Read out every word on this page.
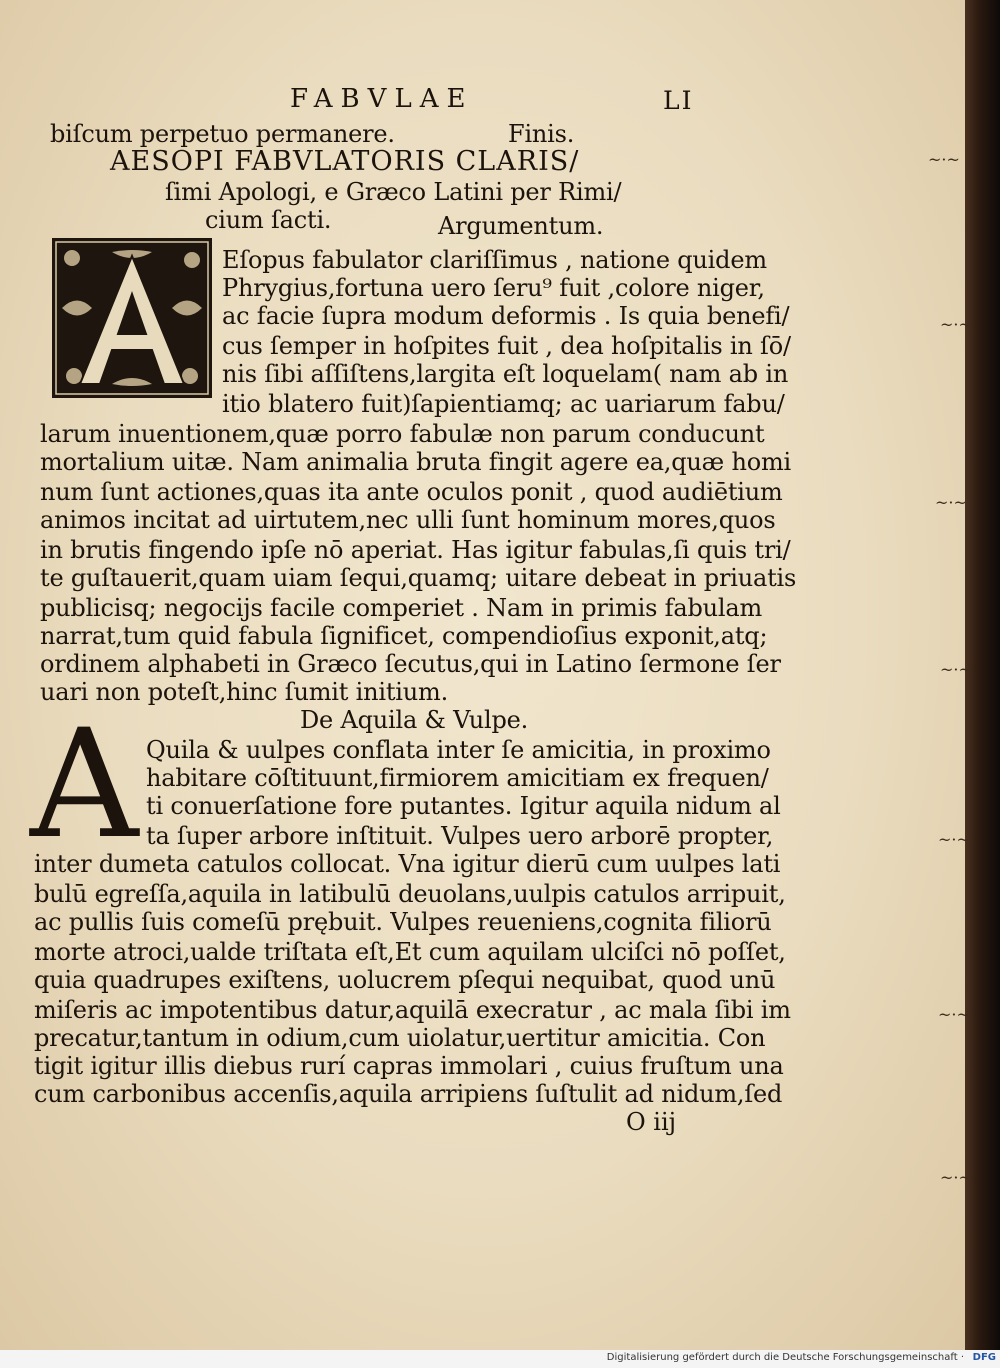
FABVLAE	LI
biſcum perpetuo permanere.	Finis.
AESOPI FABVLATORIS CLARIS/
ſimi Apologi, e Græco Latini per Rimi/
cium ſacti.	Argumentum.
Eſopus fabulator clariſſimus , natione quidem
Phrygius,fortuna uero ſeru⁹ fuit ,colore niger,
ac facie ſupra modum deformis . Is quia benefi/
cus ſemper in hoſpites fuit , dea hoſpitalis in ſō/
nis ſibi aſſiſtens,largita eſt loquelam( nam ab in
itio blatero fuit)ſapientiamq; ac uariarum fabu/
larum inuentionem,quæ porro fabulæ non parum conducunt
mortalium uitæ. Nam animalia bruta fingit agere ea,quæ homi
num ſunt actiones,quas ita ante oculos ponit , quod audiētium
animos incitat ad uirtutem,nec ulli ſunt hominum mores,quos
in brutis fingendo ipſe nō aperiat. Has igitur fabulas,ſi quis tri/
te guſtauerit,quam uiam ſequi,quamq; uitare debeat in priuatis
publicisq; negocijs facile comperiet . Nam in primis fabulam
narrat,tum quid fabula ſignificet, compendioſius exponit,atq;
ordinem alphabeti in Græco ſecutus,qui in Latino ſermone ſer
uari non poteſt,hinc ſumit initium.
De Aquila & Vulpe.
A Quila & uulpes conflata inter ſe amicitia, in proximo
habitare cōſtituunt,firmiorem amicitiam ex frequen/
ti conuerſatione fore putantes. Igitur aquila nidum al
ta ſuper arbore inſtituit. Vulpes uero arborē propter,
inter dumeta catulos collocat. Vna igitur dierū cum uulpes lati
bulū egreſſa,aquila in latibulū deuolans,uulpis catulos arripuit,
ac pullis ſuis comeſū prębuit. Vulpes reueniens,cognita filiorū
morte atroci,ualde triſtata eſt,Et cum aquilam ulciſci nō poſſet,
quia quadrupes exiſtens, uolucrem pſequi nequibat, quod unū
miſeris ac impotentibus datur,aquilā execratur , ac mala ſibi im
precatur,tantum in odium,cum uiolatur,uertitur amicitia. Con
tigit igitur illis diebus rurí capras immolari , cuius fruſtum una
cum carbonibus accenſis,aquila arripiens ſuſtulit ad nidum,ſed
O iij
~·~
~·~
~·~
~·~
~·~
~·~
~·~
Digitalisierung gefördert durch die Deutsche Forschungsgemeinschaft · DFG
